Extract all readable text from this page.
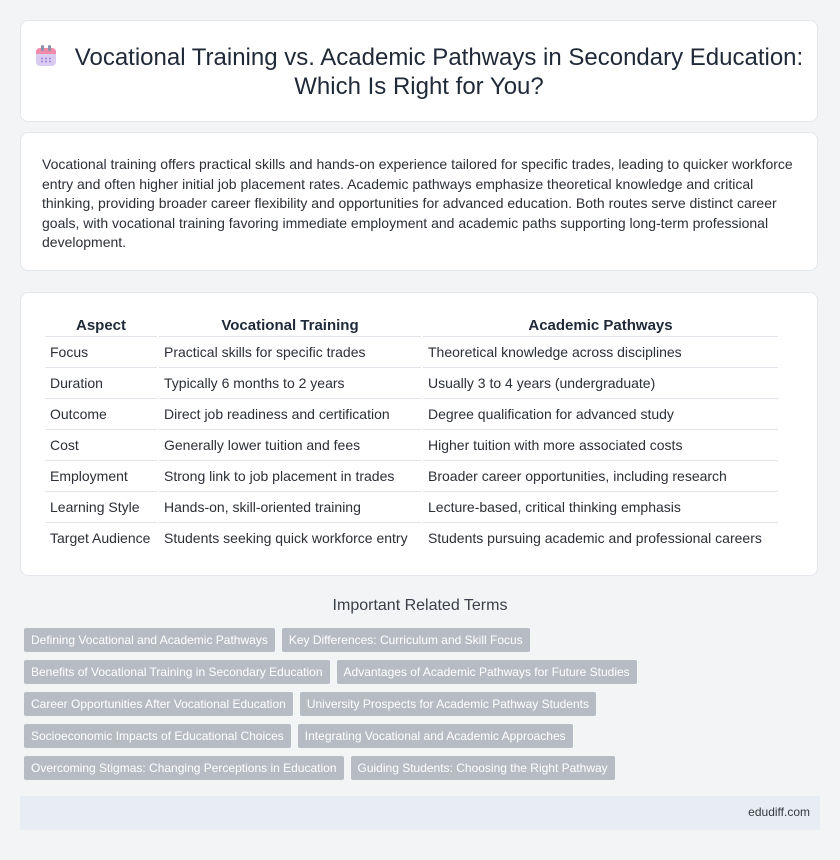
Vocational Training vs. Academic Pathways in Secondary Education: Which Is Right for You?
Vocational training offers practical skills and hands-on experience tailored for specific trades, leading to quicker workforce entry and often higher initial job placement rates. Academic pathways emphasize theoretical knowledge and critical thinking, providing broader career flexibility and opportunities for advanced education. Both routes serve distinct career goals, with vocational training favoring immediate employment and academic paths supporting long-term professional development.
Aspect	Vocational Training	Academic Pathways
Focus	Practical skills for specific trades	Theoretical knowledge across disciplines
Duration	Typically 6 months to 2 years	Usually 3 to 4 years (undergraduate)
Outcome	Direct job readiness and certification	Degree qualification for advanced study
Cost	Generally lower tuition and fees	Higher tuition with more associated costs
Employment	Strong link to job placement in trades	Broader career opportunities, including research
Learning Style	Hands-on, skill-oriented training	Lecture-based, critical thinking emphasis
Target Audience	Students seeking quick workforce entry	Students pursuing academic and professional careers
Important Related Terms
Defining Vocational and Academic Pathways	Key Differences: Curriculum and Skill Focus
Benefits of Vocational Training in Secondary Education	Advantages of Academic Pathways for Future Studies
Career Opportunities After Vocational Education	University Prospects for Academic Pathway Students
Socioeconomic Impacts of Educational Choices	Integrating Vocational and Academic Approaches
Overcoming Stigmas: Changing Perceptions in Education	Guiding Students: Choosing the Right Pathway
edudiff.com
